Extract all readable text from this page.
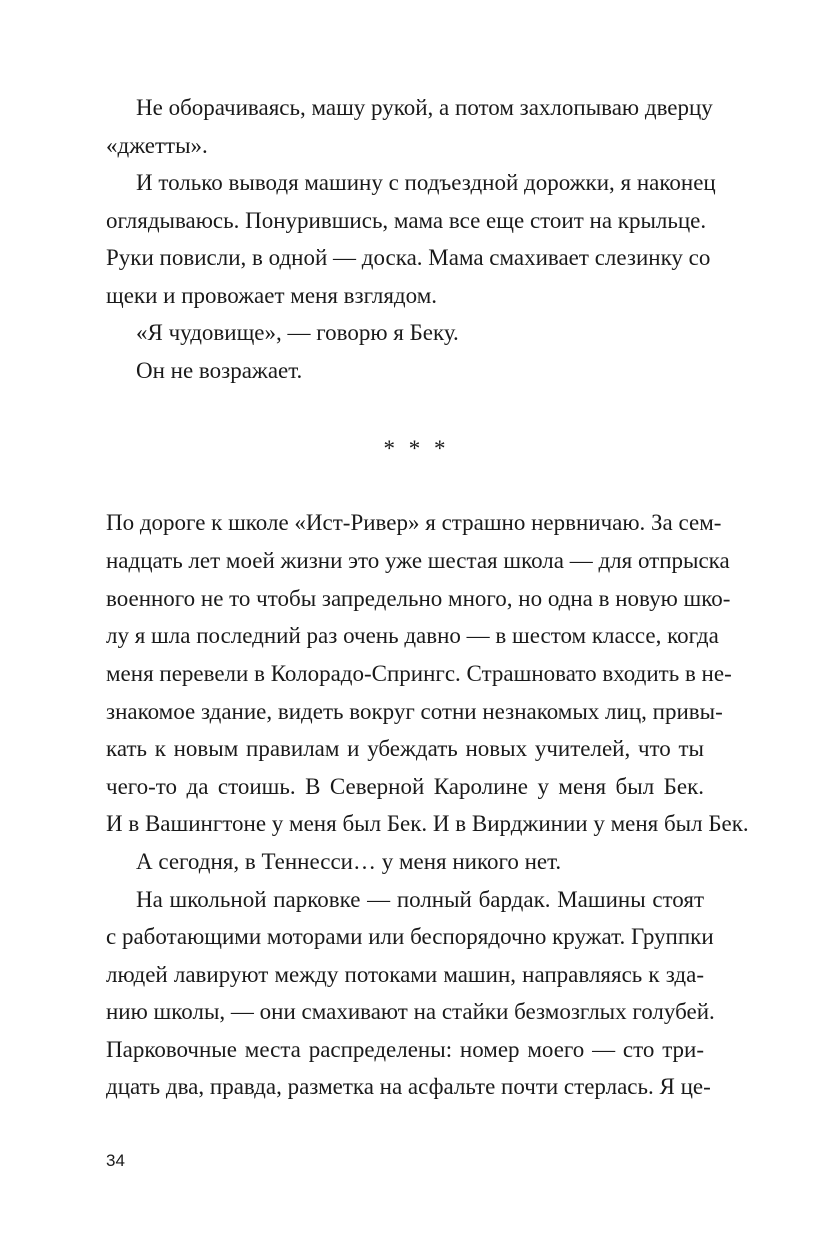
Не оборачиваясь, машу рукой, а потом захлопываю дверцу
«джетты».
И только выводя машину с подъездной дорожки, я наконец
оглядываюсь. Понурившись, мама все еще стоит на крыльце.
Руки повисли, в одной — доска. Мама смахивает слезинку со
щеки и провожает меня взглядом.
«Я чудовище», — говорю я Беку.
Он не возражает.
* * *
По дороге к школе «Ист-Ривер» я страшно нервничаю. За сем-
надцать лет моей жизни это уже шестая школа — для отпрыска
военного не то чтобы запредельно много, но одна в новую шко-
лу я шла последний раз очень давно — в шестом классе, когда
меня перевели в Колорадо-Спрингс. Страшновато входить в не-
знакомое здание, видеть вокруг сотни незнакомых лиц, привы-
кать к новым правилам и убеждать новых учителей, что ты
чего-то да стоишь. В Северной Каролине у меня был Бек.
И в Вашингтоне у меня был Бек. И в Вирджинии у меня был Бек.
А сегодня, в Теннесси… у меня никого нет.
На школьной парковке — полный бардак. Машины стоят
с работающими моторами или беспорядочно кружат. Группки
людей лавируют между потоками машин, направляясь к зда-
нию школы, — они смахивают на стайки безмозглых голубей.
Парковочные места распределены: номер моего — сто три-
дцать два, правда, разметка на асфальте почти стерлась. Я це-
34
